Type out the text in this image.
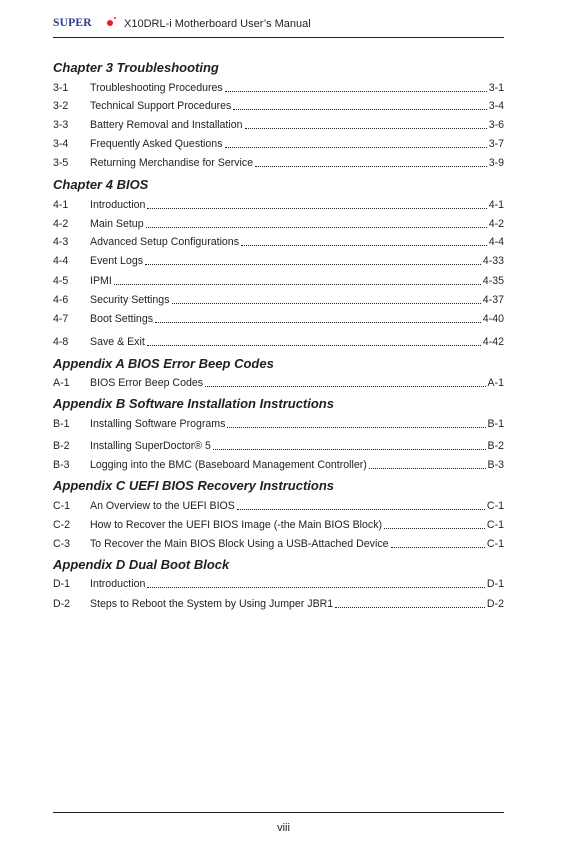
SUPER	X10DRL-i Motherboard User’s Manual
Chapter 3 Troubleshooting
3-1	Troubleshooting Procedures	3-1
3-2	Technical Support Procedures	3-4
3-3	Battery Removal and Installation	3-6
3-4	Frequently Asked Questions	3-7
3-5	Returning Merchandise for Service	3-9
Chapter 4 BIOS
4-1	Introduction	4-1
4-2	Main Setup	4-2
4-3	Advanced Setup Configurations	4-4
4-4	Event Logs	4-33
4-5	IPMI	4-35
4-6	Security Settings	4-37
4-7	Boot Settings	4-40
4-8	Save & Exit	4-42
Appendix A BIOS Error Beep Codes
A-1	BIOS Error Beep Codes	A-1
Appendix B Software Installation Instructions
B-1	Installing Software Programs	B-1
B-2	Installing SuperDoctor® 5	B-2
B-3	Logging into the BMC (Baseboard Management Controller)	B-3
Appendix C UEFI BIOS Recovery Instructions
C-1	An Overview to the UEFI BIOS	C-1
C-2	How to Recover the UEFI BIOS Image (-the Main BIOS Block)	C-1
C-3	To Recover the Main BIOS Block Using a USB-Attached Device	C-1
Appendix D Dual Boot Block
D-1	Introduction	D-1
D-2	Steps to Reboot the System by Using Jumper JBR1	D-2
viii
